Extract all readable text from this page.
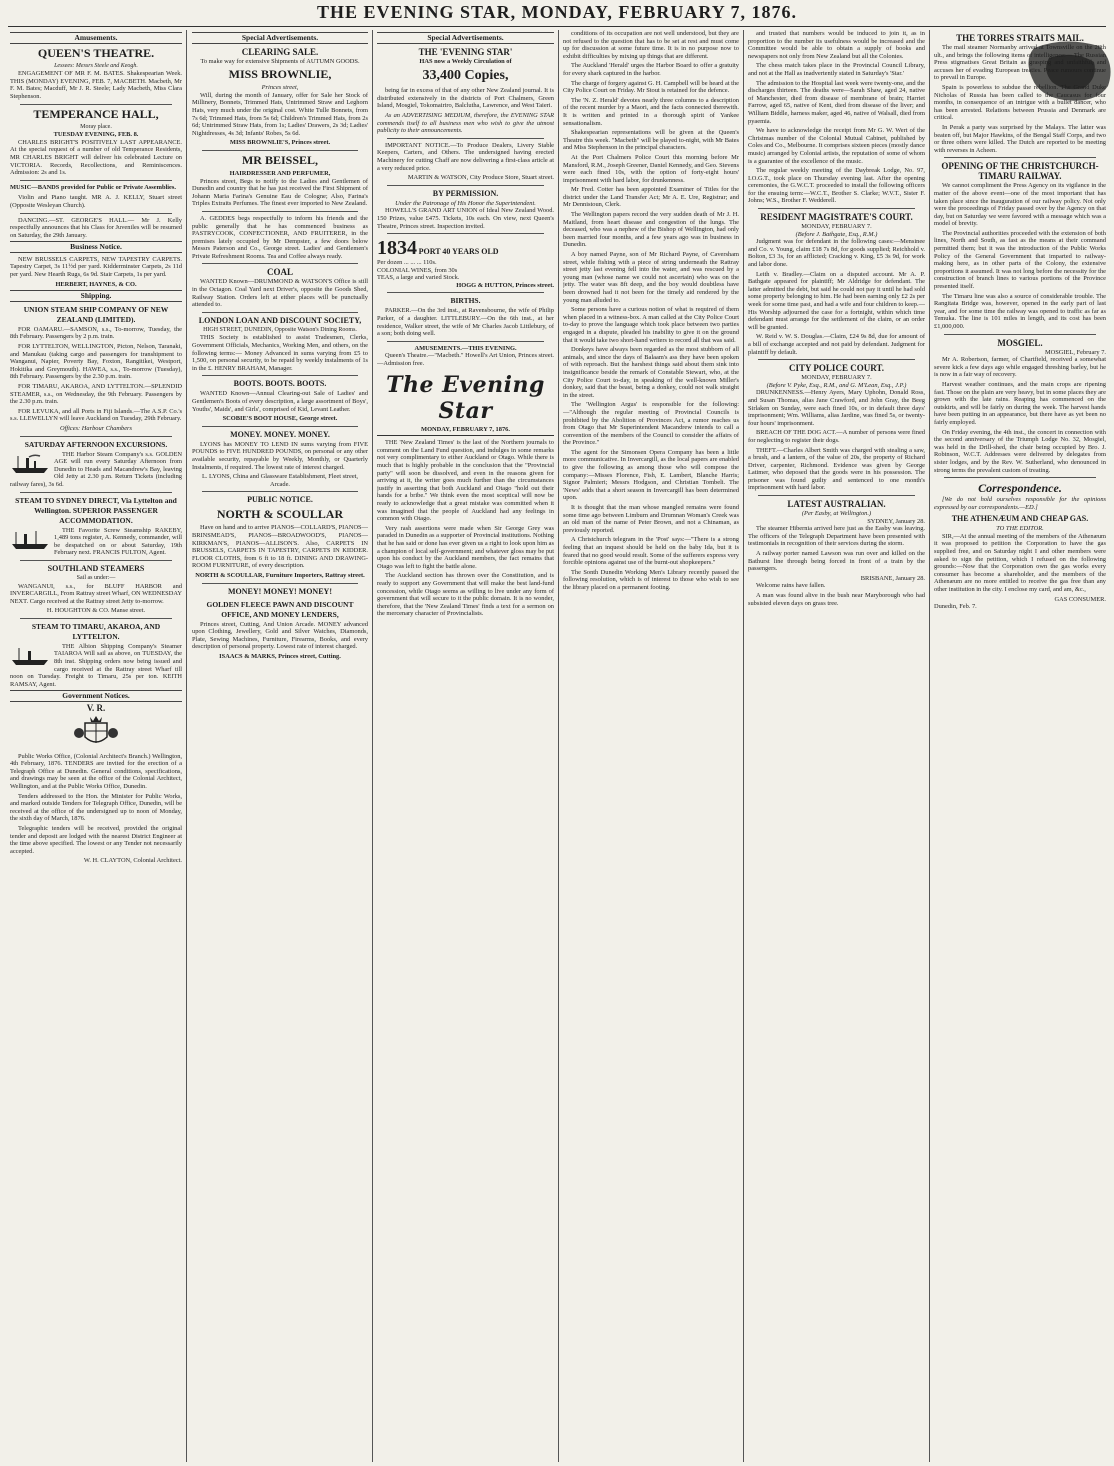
THE EVENING STAR, MONDAY, FEBRUARY 7, 1876.
Amusements.
QUEEN'S THEATRE.
Lessees: Messrs Steele and Keogh.

ENGAGEMENT OF MR F. M. BATES. Shakespearian Week. THIS (MONDAY) EVENING, FEB. 7, MACBETH. Macbeth, Mr F. M. Bates; Macduff, Mr J. R. Steele; Lady Macbeth, Miss Clara Stephenson.

TEMPERANCE HALL,
Moray place.
TUESDAY EVENING, FEB. 8.

CHARLES BRIGHT'S POSITIVELY LAST APPEARANCE. At the special request of a number of old Temperance Residents, MR CHARLES BRIGHT will deliver his celebrated Lecture on VICTORIA. Records, Recollections, and Reminiscences. Admission: 2s and 1s.

MUSIC—BANDS provided for Public or Private Assemblies.

Violin and Piano taught. MR A. J. KELLY, Stuart street (Opposite Wesleyan Church).

DANCING.—ST. GEORGE'S HALL.— Mr J. Kelly respectfully announces that his Class for Juveniles will be resumed on Saturday, the 29th January.

Business Notice.

NEW BRUSSELS CARPETS, NEW TAPESTRY CARPETS. Tapestry Carpet, 3s 11½d per yard. Kidderminster Carpets, 2s 11d per yard. New Hearth Rugs, 6s 9d. Stair Carpets, 1s per yard.

HERBERT, HAYNES, & CO.
Shipping.
UNION STEAM SHIP COMPANY OF NEW ZEALAND (LIMITED).

FOR OAMARU.—SAMSON, s.s., To-morrow, Tuesday, the 8th February. Passengers by 2 p.m. train.

FOR LYTTELTON, WELLINGTON, Picton, Nelson, Taranaki, and Manukau (taking cargo and passengers for transhipment to Wanganui, Napier, Poverty Bay, Foxton, Rangitikei, Westport, Hokitika and Greymouth). HAWEA, s.s., To-morrow (Tuesday), 8th February. Passengers by the 2.30 p.m. train.

FOR TIMARU, AKAROA, AND LYTTELTON.—SPLENDID STEAMER, s.s., on Wednesday, the 9th February. Passengers by the 2.30 p.m. train.

FOR LEVUKA, and all Ports in Fiji Islands.—The A.S.P. Co.'s s.s. LLEWELLYN will leave Auckland on Tuesday, 29th February.

Offices: Harbour Chambers
SATURDAY AFTERNOON EXCURSIONS.

THE Harbor Steam Company's s.s. GOLDEN AGE will run every Saturday Afternoon from Dunedin to Heads and Macandrew's Bay, leaving Old Jetty at 2.30 p.m. Return Tickets (including railway fares), 3s 6d.

STEAM TO SYDNEY DIRECT, Via Lyttelton and Wellington. SUPERIOR PASSENGER ACCOMMODATION.

THE Favorite Screw Steamship RAKEBY, 1,489 tons register, A. Kennedy, commander, will be despatched on or about Saturday, 19th February next. FRANCIS FULTON, Agent.

SOUTHLAND STEAMERS
Sail as under:—

WANGANUI, s.s., for BLUFF HARBOR and INVERCARGILL, From Rattray street Wharf, ON WEDNESDAY NEXT. Cargo received at the Rattray street Jetty to-morrow.

H. HOUGHTON & CO. Manse street.
STEAM TO TIMARU, AKAROA, AND LYTTELTON.

THE Albion Shipping Company's Steamer TAIAROA Will sail as above, on TUESDAY, the 8th inst. Shipping orders now being issued and cargo received at the Rattray street Wharf till noon on Tuesday. Freight to Timaru, 25s per ton. KEITH RAMSAY, Agent.

Government Notices.
V. R.

Public Works Office, (Colonial Architect's Branch.) Wellington, 4th February, 1876. TENDERS are invited for the erection of a Telegraph Office at Dunedin. General conditions, specifications, and drawings may be seen at the office of the Colonial Architect, Wellington, and at the Public Works Office, Dunedin.

Tenders addressed to the Hon. the Minister for Public Works, and marked outside Tenders for Telegraph Office, Dunedin, will be received at the office of the undersigned up to noon of Monday, the sixth day of March, 1876.

Telegraphic tenders will be received, provided the original tender and deposit are lodged with the nearest District Engineer at the time above specified. The lowest or any Tender not necessarily accepted.

W. H. CLAYTON, Colonial Architect.
Special Advertisements.
CLEARING SALE.
To make way for extensive Shipments of AUTUMN GOODS.
MISS BROWNLIE,
Princes street,

Will, during the month of January, offer for Sale her Stock of Millinery, Bonnets, Trimmed Hats, Untrimmed Straw and Leghorn Hats, very much under the original cost. White Tulle Bonnets, from 7s 6d; Trimmed Hats, from 5s 6d; Children's Trimmed Hats, from 2s 6d; Untrimmed Straw Hats, from 1s; Ladies' Drawers, 2s 3d; Ladies' Nightdresses, 4s 3d; Infants' Robes, 5s 6d.

MISS BROWNLIE'S, Princes street.
MR BEISSEL,
HAIRDRESSER AND PERFUMER,

Princes street, Begs to notify to the Ladies and Gentlemen of Dunedin and country that he has just received the First Shipment of Johann Maria Farina's Genuine Eau de Cologne; Also, Farina's Triples Extraits Perfumes. The finest ever imported to New Zealand.

A. GEDDES begs respectfully to inform his friends and the public generally that he has commenced business as PASTRYCOOK, CONFECTIONER, AND FRUITERER, in the premises lately occupied by Mr Dempster, a few doors below Messrs Paterson and Co., George street. Ladies' and Gentlemen's Private Refreshment Rooms. Tea and Coffee always ready.

COAL

WANTED Known—DRUMMOND & WATSON'S Office is still in the Octagon. Coal Yard next Driver's, opposite the Goods Shed, Railway Station. Orders left at either places will be punctually attended to.

LONDON LOAN AND DISCOUNT SOCIETY,
HIGH STREET, DUNEDIN, Opposite Watson's Dining Rooms.

THIS Society is established to assist Tradesmen, Clerks, Government Officials, Mechanics, Working Men, and others, on the following terms:— Money Advanced in sums varying from £5 to 1,500, on personal security, to be repaid by weekly instalments of 1s in the £. HENRY BRAHAM, Manager.

BOOTS. BOOTS. BOOTS.

WANTED Known—Annual Clearing-out Sale of Ladies' and Gentlemen's Boots of every description, a large assortment of Boys', Youths', Maids', and Girls', comprised of Kid, Levant Leather.

SCOBIE'S BOOT HOUSE, George street.
MONEY. MONEY. MONEY.

LYONS has MONEY TO LEND IN sums varying from FIVE POUNDS to FIVE HUNDRED POUNDS, on personal or any other available security, repayable by Weekly, Monthly, or Quarterly Instalments, if required. The lowest rate of interest charged.

L. LYONS, China and Glassware Establishment, Fleet street, Arcade.
PUBLIC NOTICE.
NORTH & SCOULLAR

Have on hand and to arrive PIANOS—COLLARD'S, PIANOS—BRINSMEAD'S, PIANOS—BROADWOOD'S, PIANOS—KIRKMAN'S, PIANOS—ALLISON'S. Also, CARPETS IN BRUSSELS, CARPETS IN TAPESTRY, CARPETS IN KIDDER. FLOOR CLOTHS, from 6 ft to 18 ft. DINING AND DRAWING-ROOM FURNITURE, of every description.

NORTH & SCOULLAR, Furniture Importers, Rattray street.
MONEY! MONEY! MONEY!
GOLDEN FLEECE PAWN AND DISCOUNT OFFICE, AND MONEY LENDERS,

Princes street, Cutting, And Union Arcade. MONEY advanced upon Clothing, Jewellery, Gold and Silver Watches, Diamonds, Plate, Sewing Machines, Furniture, Firearms, Books, and every description of personal property. Lowest rate of interest charged.

ISAACS & MARKS, Princes street, Cutting.
Special Advertisements.
THE 'EVENING STAR'
HAS now a Weekly Circulation of
33,400 Copies,

being far in excess of that of any other New Zealand journal. It is distributed extensively in the districts of Port Chalmers, Green Island, Mosgiel, Tokomairiro, Balclutha, Lawrence, and West Taieri.

As an ADVERTISING MEDIUM, therefore, the EVENING STAR commends itself to all business men who wish to give the utmost publicity to their announcements.

IMPORTANT NOTICE.—To Produce Dealers, Livery Stable Keepers, Carters, and Others. The undersigned having erected Machinery for cutting Chaff are now delivering a first-class article at a very reduced price.

MARTIN & WATSON, City Produce Store, Stuart street.
BY PERMISSION.
Under the Patronage of His Honor the Superintendent.

HOWELL'S GRAND ART UNION of Ideal New Zealand Wood. 150 Prizes, value £475. Tickets, 10s each. On view, next Queen's Theatre, Princes street. Inspection invited.

1834 PORT 40 YEARS OLD
Per dozen ... ... ... 110s.
COLONIAL WINES, from 30s
TEAS, a large and varied Stock.
HOGG & HUTTON, Princes street.
BIRTHS.

PARKER.—On the 3rd inst., at Ravensbourne, the wife of Philip Parker, of a daughter. LITTLEBURY.—On the 6th inst., at her residence, Walker street, the wife of Mr Charles Jacob Littlebury, of a son; both doing well.

AMUSEMENTS.—THIS EVENING.

Queen's Theatre.—"Macbeth." Howell's Art Union, Princes street.—Admission free.

The Evening Star
MONDAY, FEBRUARY 7, 1876.

THE 'New Zealand Times' is the last of the Northern journals to comment on the Land Fund question, and indulges in some remarks not very complimentary to either Auckland or Otago. While there is much that is highly probable in the conclusion that the "Provincial party" will soon be dissolved, and even in the reasons given for arriving at it, the writer goes much further than the circumstances justify in asserting that both Auckland and Otago "hold out their hands for a bribe." We think even the most sceptical will now be ready to acknowledge that a great mistake was committed when it was imagined that the people of Auckland had any feelings in common with Otago.

Very rash assertions were made when Sir George Grey was paraded in Dunedin as a supporter of Provincial institutions. Nothing that he has said or done has ever given us a right to look upon him as a champion of local self-government; and whatever gloss may be put upon his conduct by the Auckland members, the fact remains that Otago was left to fight the battle alone.

The Auckland section has thrown over the Constitution, and is ready to support any Government that will make the best land-fund concession, while Otago seems as willing to live under any form of government that will secure to it the public domain. It is no wonder, therefore, that the 'New Zealand Times' finds a text for a sermon on the mercenary character of Provincialists.

conditions of its occupation are not well understood, but they are not refused to the question that has to be set at rest and must come up for discussion at some future time. It is in no purpose now to exhibit difficulties by mixing up things that are different.

The Auckland 'Herald' urges the Harbor Board to offer a gratuity for every shark captured in the harbor.

The charge of forgery against G. H. Campbell will be heard at the City Police Court on Friday. Mr Stout is retained for the defence.

The 'N. Z. Herald' devotes nearly three columns to a description of the recent murder by a Maori, and the facts connected therewith. It is written and printed in a thorough spirit of Yankee sensationalism.

Shakespearian representations will be given at the Queen's Theatre this week. "Macbeth" will be played to-night, with Mr Bates and Miss Stephenson in the principal characters.

At the Port Chalmers Police Court this morning before Mr Mansford, R.M., Joseph Greener, Daniel Kennedy, and Geo. Stevens were each fined 10s, with the option of forty-eight hours' imprisonment with hard labor, for drunkenness.

Mr Fred. Cotter has been appointed Examiner of Titles for the district under the Land Transfer Act; Mr A. E. Ure, Registrar; and Mr Dennistoun, Clerk.

The Wellington papers record the very sudden death of Mr J. H. Maitland, from heart disease and congestion of the lungs. The deceased, who was a nephew of the Bishop of Wellington, had only been married four months, and a few years ago was in business in Dunedin.

A boy named Payne, son of Mr Richard Payne, of Caversham street, while fishing with a piece of string underneath the Rattray street jetty last evening fell into the water, and was rescued by a young man (whose name we could not ascertain) who was on the jetty. The water was 8ft deep, and the boy would doubtless have been drowned had it not been for the timely aid rendered by the young man alluded to.

Some persons have a curious notion of what is required of them when placed in a witness-box. A man called at the City Police Court to-day to prove the language which took place between two parties engaged in a dispute, pleaded his inability to give it on the ground that it would take two short-hand writers to record all that was said.

Donkeys have always been regarded as the most stubborn of all animals, and since the days of Balaam's ass they have been spoken of with reproach. But the harshest things said about them sink into insignificance beside the remark of Constable Stewart, who, at the City Police Court to-day, in speaking of the well-known Miller's donkey, said that the beast, being a donkey, could not walk straight in the street.

The 'Wellington Argus' is responsible for the following:—"Although the regular meeting of Provincial Councils is prohibited by the Abolition of Provinces Act, a rumor reaches us from Otago that Mr Superintendent Macandrew intends to call a convention of the members of the Council to consider the affairs of the Province."

The agent for the Simonsen Opera Company has been a little more communicative. In Invercargill, as the local papers are enabled to give the following as among those who will compose the company:—Misses Florence, Fish, E. Lambert, Blanche Harris; Signor Palmieri; Messrs Hodgson, and Christian Tombeli. The 'News' adds that a short season in Invercargill has been determined upon.

It is thought that the man whose mangled remains were found some time ago between Limburn and Drumnan Woman's Creek was an old man of the name of Peter Brown, and not a Chinaman, as previously reported.

A Christchurch telegram in the 'Post' says:—"There is a strong feeling that an inquest should be held on the baby Ida, but it is feared that no good would result. Some of the sufferers express very forcible opinions against use of the burnt-out shopkeepers."

The Sonth Dunedin Working Men's Library recently passed the following resolution, which is of interest to those who wish to see the library placed on a permanent footing.

and trusted that numbers would be induced to join it, as in proportion to the number its usefulness would be increased and the Committee would be able to obtain a supply of books and newspapers not only from New Zealand but all the Colonies.

The chess match takes place in the Provincial Council Library, and not at the Hall as inadvertently stated in Saturday's 'Star.'

The admission to the Hospital last week were twenty-one, and the discharges thirteen. The deaths were—Sarah Shaw, aged 24, native of Manchester, died from disease of membrane of brain; Harriet Farrow, aged 65, native of Kent, died from disease of the liver; and William Biddle, harness maker, aged 46, native of Walsall, died from pyaemia.

We have to acknowledge the receipt from Mr G. W. Wert of the Christmas number of the Colonial Mutual Cabinet, published by Coles and Co., Melbourne. It comprises sixteen pieces (mostly dance music) arranged by Colonial artists, the reputation of some of whom is a guarantee of the excellence of the music.

The regular weekly meeting of the Daybreak Lodge, No. 97, I.O.G.T., took place on Thursday evening last. After the opening ceremonies, the G.W.C.T. proceeded to install the following officers for the ensuing term:—W.C.T., Brother S. Clarke; W.V.T., Sister F. Johns; W.S., Brother F. Wedderell.

RESIDENT MAGISTRATE'S COURT.
MONDAY, FEBRUARY 7.
(Before J. Bathgate, Esq., R.M.)

Judgment was for defendant in the following cases:—Mensinee and Co. v. Young, claim £18 7s 8d, for goods supplied; Reichhold v. Bolton, £3 3s, for an afflicted; Cracking v. King, £5 3s 9d, for work and labor done.

Leith v. Bradley.—Claim on a disputed account. Mr A. P. Bathgate appeared for plaintiff; Mr Aldridge for defendant. The latter admitted the debt, but said he could not pay it until he had sold some property belonging to him. He had been earning only £2 2s per week for some time past, and had a wife and four children to keep.—His Worship adjourned the case for a fortnight, within which time defendant must arrange for the settlement of the claim, or an order will be granted.

W. Reid v. W. S. Douglas.—Claim, £24 9s 8d, due for amount of a bill of exchange accepted and not paid by defendant. Judgment for plaintiff by default.

CITY POLICE COURT.
MONDAY, FEBRUARY 7.
(Before V. Pyke, Esq., R.M., and G. M'Lean, Esq., J.P.)

DRUNKENNESS.—Henry Ayers, Mary Uphohn, Donald Ross, and Susan Thomas, alias Jane Crawford, and John Gray, the Beeg Sirlaken on Sunday, were each fined 10s, or in default three days' imprisonment; Wm. Williams, alias Jardine, was fined 5s, or twenty-four hours' imprisonment.

BREACH OF THE DOG ACT.—A number of persons were fined for neglecting to register their dogs.

THEFT.—Charles Albert Smith was charged with stealing a saw, a brush, and a lantern, of the value of 20s, the property of Richard Driver, carpenter, Richmond. Evidence was given by George Latimer, who deposed that the goods were in his possession. The prisoner was found guilty and sentenced to one month's imprisonment with hard labor.

LATEST AUSTRALIAN.
(Per Easby, at Wellington.)
SYDNEY, January 28.

The steamer Hibernia arrived here just as the Easby was leaving. The officers of the Telegraph Department have been presented with testimonials in recognition of their services during the storm.

A railway porter named Lawson was run over and killed on the Bathurst line through being forced in front of a train by the passengers.

BRISBANE, January 28.

Welcome rains have fallen.

A man was found alive in the bush near Maryborough who had subsisted eleven days on grass tree.

THE TORRES STRAITS MAIL.

The mail steamer Normanby arrived at Townsville on the 28th ult., and brings the following items of intelligence:— The Russian Press stigmatises Great Britain as grasping and unfaithful, and accuses her of evading European treaties. Peace rumours continue to prevail in Europe.

Spain is powerless to subdue the rebellion. The Grand Duke Nicholas of Russia has been called to the Caucasus for four months, in consequence of an intrigue with a bullet dancer, who has been arrested. Relations between Prussia and Denmark are critical.

In Perak a party was surprised by the Malays. The latter was beaten off, but Major Hawkins, of the Bengal Staff Corps, and two or three others were killed. The Dutch are reported to be meeting with reverses in Acheen.

OPENING OF THE CHRISTCHURCH-TIMARU RAILWAY.

We cannot compliment the Press Agency on its vigilance in the matter of the above event—one of the most important that has taken place since the inauguration of our railway policy. Not only were the proceedings of Friday passed over by the Agency on that day, but on Saturday we were favored with a message which was a model of brevity.

The Provincial authorities proceeded with the extension of both lines, North and South, as fast as the means at their command permitted them; but it was the introduction of the Public Works Policy of the General Government that imparted to railway-making here, as in other parts of the Colony, the extensive proportions it assumed. It was not long before the necessity for the construction of branch lines to various portions of the Province presented itself.

The Timaru line was also a source of considerable trouble. The Rangitata Bridge was, however, opened in the early part of last year, and for some time the railway was opened to traffic as far as Temuka. The line is 101 miles in length, and its cost has been £1,000,000.

MOSGIEL.
MOSGIEL, February 7.

Mr A. Robertson, farmer, of Chartfield, received a somewhat severe kick a few days ago while engaged threshing barley, but he is now in a fair way of recovery.

Harvest weather continues, and the main crops are ripening fast. Those on the plain are very heavy, but in some places they are grown with the late rains. Reaping has commenced on the outskirts, and will be fairly on during the week. The harvest hands have been putting in an appearance, but there have as yet been no fairly employed.

On Friday evening, the 4th inst., the concert in connection with the second anniversary of the Triumph Lodge No. 32, Mosgiel, was held in the Drill-shed, the chair being occupied by Bro. J. Robinson, W.C.T. Addresses were delivered by delegates from sister lodges, and by the Rev. W. Sutherland, who denounced in strong terms the prevalent custom of treating.

Correspondence.

[We do not hold ourselves responsible for the opinions expressed by our correspondents.—ED.]

THE ATHENÆUM AND CHEAP GAS.
TO THE EDITOR.

SIR,—At the annual meeting of the members of the Athenæum it was proposed to petition the Corporation to have the gas supplied free, and on Saturday night I and other members were asked to sign the petition, which I refused on the following grounds:—Now that the Corporation own the gas works every consumer has become a shareholder, and the members of the Athenæum are no more entitled to receive the gas free than any other institution in the city. I enclose my card, and am, &c.,

GAS CONSUMER.
Dunedin, Feb. 7.
